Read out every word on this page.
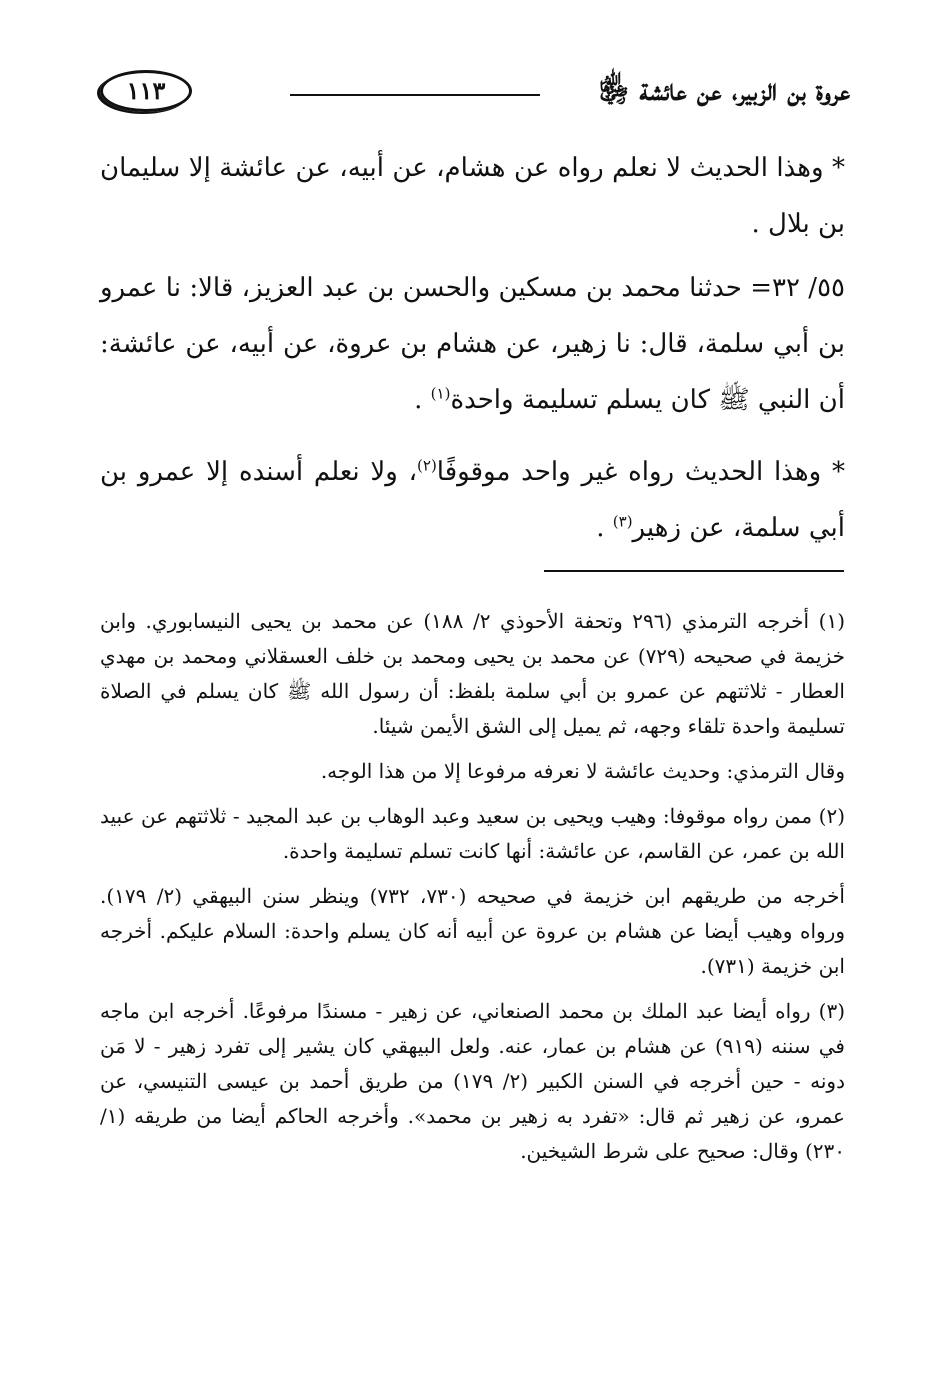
عروة بن الزبير، عن عائشة ﵂
١١٣

* وهذا الحديث لا نعلم رواه عن هشام، عن أبيه، عن عائشة إلا سليمان بن بلال .

٥٥/ ٣٢= حدثنا محمد بن مسكين والحسن بن عبد العزيز، قالا: نا عمرو بن أبي سلمة، قال: نا زهير، عن هشام بن عروة، عن أبيه، عن عائشة: أن النبي ﷺ كان يسلم تسليمة واحدة$^{(١)}$ .

* وهذا الحديث رواه غير واحد موقوفًا$^{(٢)}$، ولا نعلم أسنده إلا عمرو بن أبي سلمة، عن زهير$^{(٣)}$ .

(١) أخرجه الترمذي (٢٩٦ وتحفة الأحوذي ٢/ ١٨٨) عن محمد بن يحيى النيسابوري. وابن خزيمة في صحيحه (٧٢٩) عن محمد بن يحيى ومحمد بن خلف العسقلاني ومحمد بن مهدي العطار - ثلاثتهم عن عمرو بن أبي سلمة بلفظ: أن رسول الله ﷺ كان يسلم في الصلاة تسليمة واحدة تلقاء وجهه، ثم يميل إلى الشق الأيمن شيئا.

وقال الترمذي: وحديث عائشة لا نعرفه مرفوعا إلا من هذا الوجه.

(٢) ممن رواه موقوفا: وهيب ويحيى بن سعيد وعبد الوهاب بن عبد المجيد - ثلاثتهم عن عبيد الله بن عمر، عن القاسم، عن عائشة: أنها كانت تسلم تسليمة واحدة.

أخرجه من طريقهم ابن خزيمة في صحيحه (٧٣٠، ٧٣٢) وينظر سنن البيهقي (٢/ ١٧٩). ورواه وهيب أيضا عن هشام بن عروة عن أبيه أنه كان يسلم واحدة: السلام عليكم. أخرجه ابن خزيمة (٧٣١).

(٣) رواه أيضا عبد الملك بن محمد الصنعاني، عن زهير - مسندًا مرفوعًا. أخرجه ابن ماجه في سننه (٩١٩) عن هشام بن عمار، عنه. ولعل البيهقي كان يشير إلى تفرد زهير - لا مَن دونه - حين أخرجه في السنن الكبير (٢/ ١٧٩) من طريق أحمد بن عيسى التنيسي، عن عمرو، عن زهير ثم قال: «تفرد به زهير بن محمد». وأخرجه الحاكم أيضا من طريقه (١/ ٢٣٠) وقال: صحيح على شرط الشيخين.
